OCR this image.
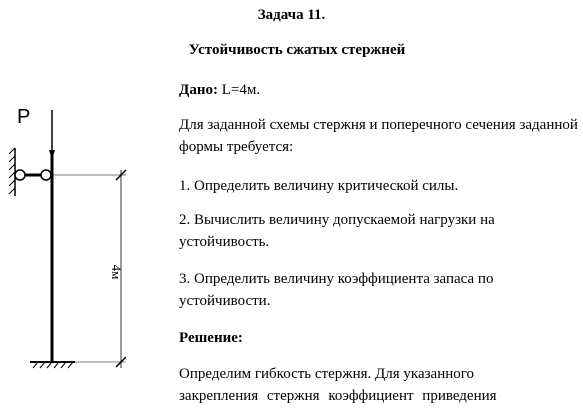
Задача 11.
Устойчивость сжатых стержней

Дано: L=4м.

Для заданной схемы стержня и поперечного сечения заданной формы требуется:

1. Определить величину критической силы.

2. Вычислить величину допускаемой нагрузки на устойчивость.

3. Определить величину коэффициента запаса по устойчивости.

Решение:

Определим гибкость стержня. Для указанного
закрепления стержня коэффициент приведения

P
4м
